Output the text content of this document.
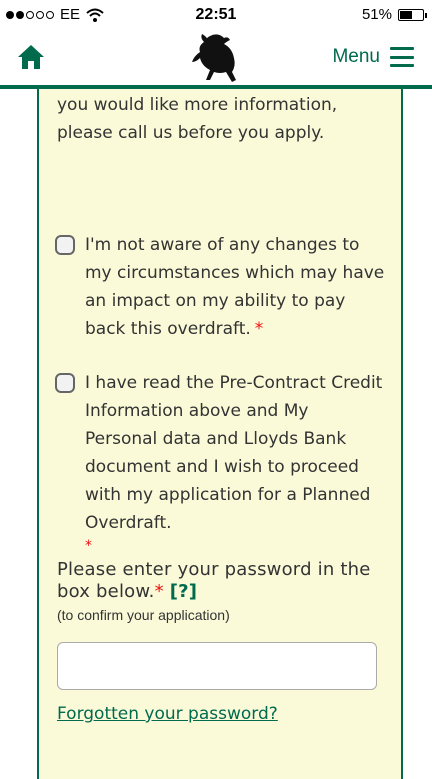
EE	22:51	51%
Menu
you would like more information, please call us before you apply.
I'm not aware of any changes to my circumstances which may have an impact on my ability to pay back this overdraft. *
I have read the Pre-Contract Credit Information above and My Personal data and Lloyds Bank document and I wish to proceed with my application for a Planned Overdraft.
*
Please enter your password in the box below.* [?]
(to confirm your application)
Forgotten your password?
